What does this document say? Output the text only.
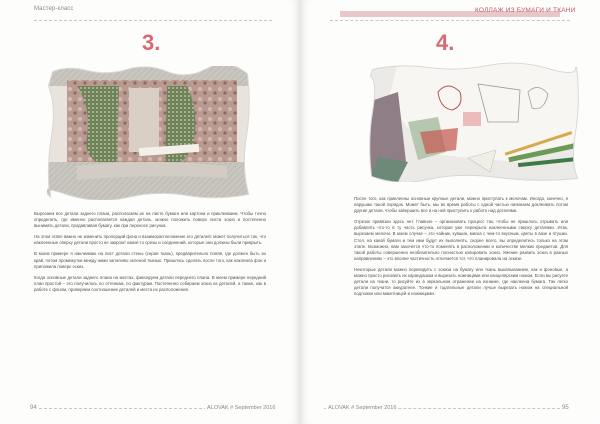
Мастер-класс
3.

Вырезаем все детали заднего плана, располагаем их на листе бумаги или картона и приклеиваем. Чтобы точно определить, где именно располагается каждая деталь, можно положить поверх листа эскиз и постепенно вынимать детали, продавливая бумагу, как при переносе рисунка.

На этом этапе важно не изменить пропорций фона и взаиморасположение его деталей: может получиться так, что наклеенные сверху детали просто не закроют какие-то срезы и соединений, которые они должны были прикрыть.

В моем примере я наклеиваю на лист детали стены (серая ткань), предварительно поняв, где должен быть их край, потом промежутки между ними заполняю зеленой тканью. Пришлось сделать после того, как наклеила фон и приложила поверх эскиз.

Когда основные детали заднего плана на местах, фиксируем детали переднего плана. В моем примере передний план простой – это получилось по оттенкам, по фактурам. Постепенно собираем эскиз из деталей, а также, как в работе с фоном, проверяем соотношение деталей и места их расположения.

94	ALOVAK # September 2016
КОЛЛАЖ ИЗ БУМАГИ И ТКАНИ
4.

После того, как приклеены основные крупные детали, можно приступать к мелочам. Иногда, конечно, я нарушаю такой порядок. Может быть, мы во время работы с одной частью начинаем доклеивать потом другие детали, чтобы завершить все и на ней приступить к работе над деталями.

Отрезок привязан здесь нет. Главное – организовать процесс так, чтобы не пришлось отрывать или добавлять что-то в ту часть рисунка, которая уже перекрыта наклеенными сверху деталями. Итак, вырезаем мелочи. В моем случае – это чайник, кувшин, миска с чем-то вкусным, цветы в вазе и птушки. Стол, на какой бумаги и тем ими будут их выполнять, скорее всего, вы определитесь только на этом этапе. Возможно, вам захочется что-то поменять в расположении и количестве мелких предметов. Для такой работы совершенно необязательно полностью копировать эскиз. Умение развить эскиз в разных направлениях – это вполне частичность отличается тот, что планировала на эскизе.

Некоторые детали можно переводить с эскиза на бумагу или ткань выкалыванием, как и фоновые, а можно просто рисовать их карандашом и вырезать ножницами или канцелярским ножом. Если вы рисуете детали на ткани, то рисуйте их в зеркальном отражении на изнанке, где наклеена бумага. Так легко детали получатся аккуратнее. Тонкие и тщательные детали лучше вырезать ножом на специальной подложке или макетницей и ножницами.

ALOVAK # September 2016	95
